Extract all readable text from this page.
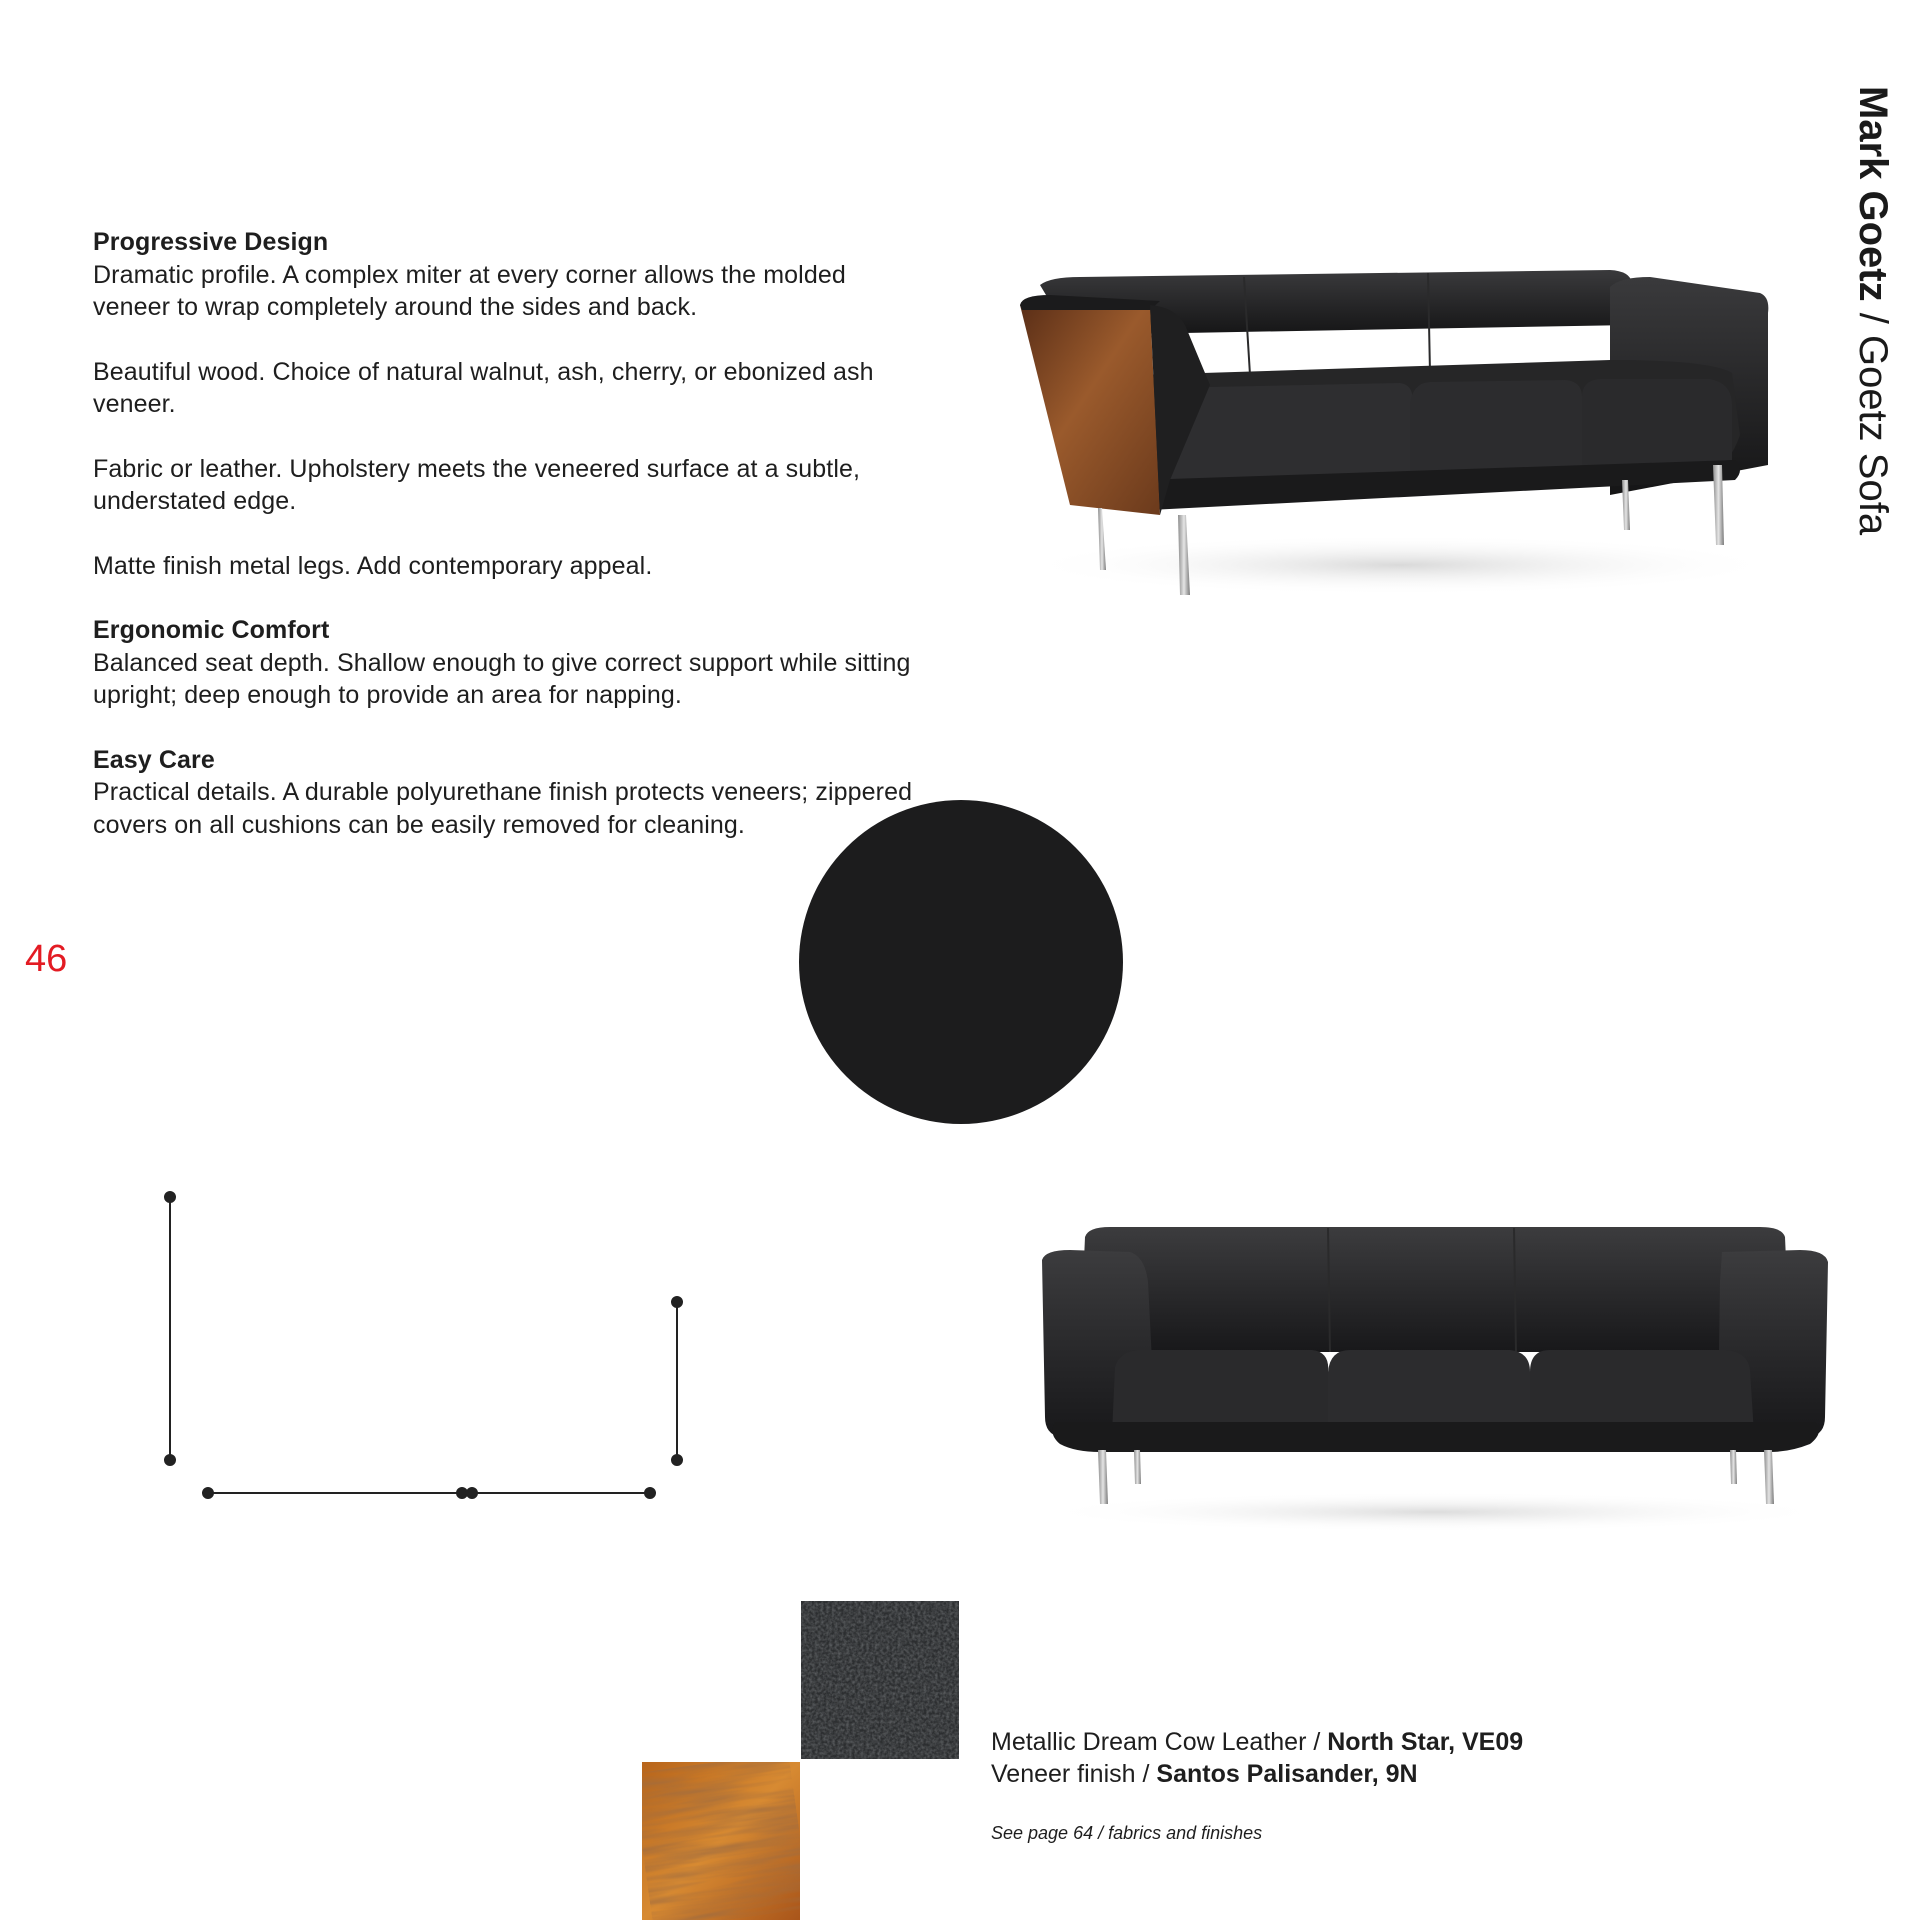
Progressive Design
Dramatic profile. A complex miter at every corner allows the molded veneer to wrap completely around the sides and back.
Beautiful wood. Choice of natural walnut, ash, cherry, or ebonized ash veneer.
Fabric or leather. Upholstery meets the veneered surface at a subtle, understated edge.
Matte finish metal legs. Add contemporary appeal.
Ergonomic Comfort
Balanced seat depth. Shallow enough to give correct support while sitting upright; deep enough to provide an area for napping.
Easy Care
Practical details. A durable polyurethane finish protects veneers; zippered covers on all cushions can be easily removed for cleaning.
46
Mark Goetz / Goetz Sofa
Metallic Dream Cow Leather / North Star, VE09
Veneer finish / Santos Palisander, 9N
See page 64 / fabrics and finishes
